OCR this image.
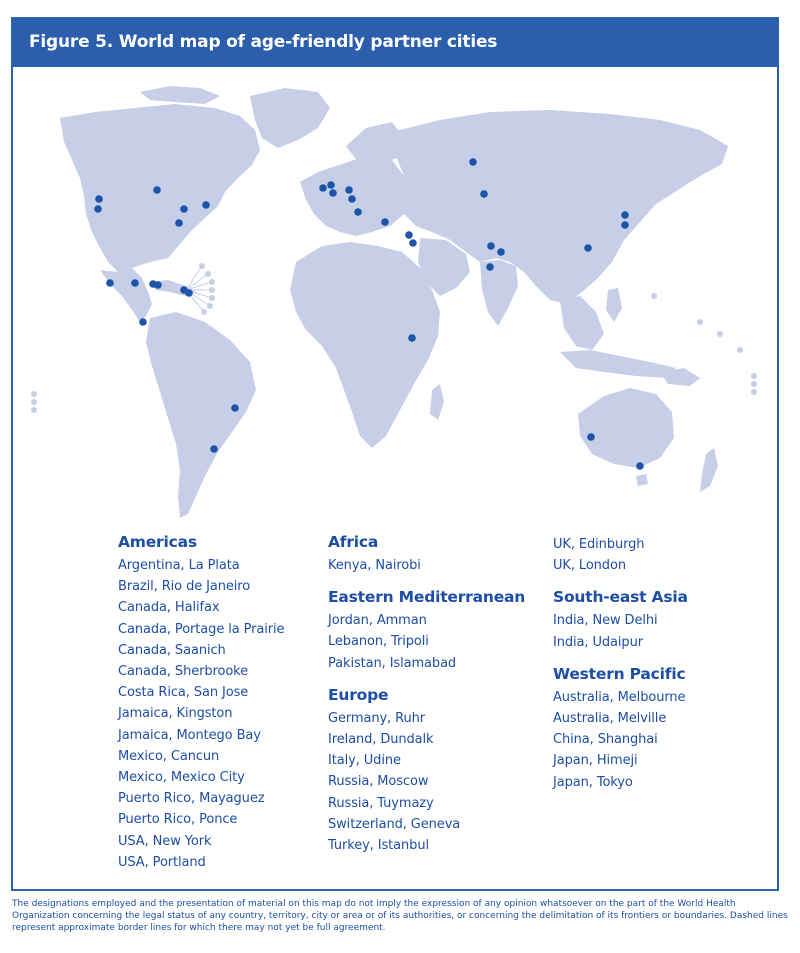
Figure 5. World map of age-friendly partner cities

Americas

Argentina, La Plata

Brazil, Rio de Janeiro

Canada, Halifax

Canada, Portage la Prairie

Canada, Saanich

Canada, Sherbrooke

Costa Rica, San Jose

Jamaica, Kingston

Jamaica, Montego Bay

Mexico, Cancun

Mexico, Mexico City

Puerto Rico, Mayaguez

Puerto Rico, Ponce

USA, New York

USA, Portland

Africa

Kenya, Nairobi

Eastern Mediterranean

Jordan, Amman

Lebanon, Tripoli

Pakistan, Islamabad

Europe

Germany, Ruhr

Ireland, Dundalk

Italy, Udine

Russia, Moscow

Russia, Tuymazy

Switzerland, Geneva

Turkey, Istanbul

UK, Edinburgh

UK, London

South-east Asia

India, New Delhi

India, Udaipur

Western Pacific

Australia, Melbourne

Australia, Melville

China, Shanghai

Japan, Himeji

Japan, Tokyo

The designations employed and the presentation of material on this map do not imply the expression of any opinion whatsoever on the part of the World Health Organization concerning the legal status of any country, territory, city or area or of its authorities, or concerning the delimitation of its frontiers or boundaries. Dashed lines represent approximate border lines for which there may not yet be full agreement.
